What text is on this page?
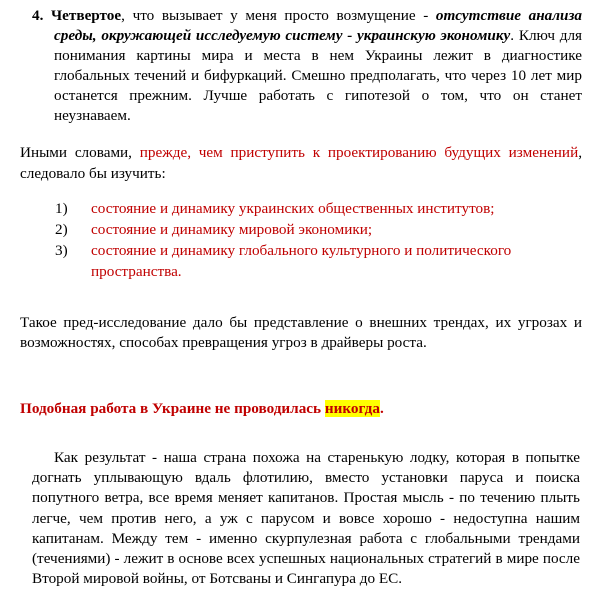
4. Четвертое, что вызывает у меня просто возмущение - отсутствие анализа среды, окружающей исследуемую систему - украинскую экономику. Ключ для понимания картины мира и места в нем Украины лежит в диагностике глобальных течений и бифуркаций. Смешно предполагать, что через 10 лет мир останется прежним. Лучше работать с гипотезой о том, что он станет неузнаваем.

Иными словами, прежде, чем приступить к проектированию будущих изменений, следовало бы изучить:

1)	состояние и динамику украинских общественных институтов;
2)	состояние и динамику мировой экономики;
3)	состояние и динамику глобального культурного и политического пространства.

Такое пред-исследование дало бы представление о внешних трендах, их угрозах и возможностях, способах превращения угроз в драйверы роста.

Подобная работа в Украине не проводилась никогда.

Как результат - наша страна похожа на старенькую лодку, которая в попытке догнать уплывающую вдаль флотилию, вместо установки паруса и поиска попутного ветра, все время меняет капитанов. Простая мысль - по течению плыть легче, чем против него, а уж с парусом и вовсе хорошо - недоступна нашим капитанам. Между тем - именно скурпулезная работа с глобальными трендами (течениями) - лежит в основе всех успешных национальных стратегий в мире после Второй мировой войны, от Ботсваны и Сингапура до ЕС.
